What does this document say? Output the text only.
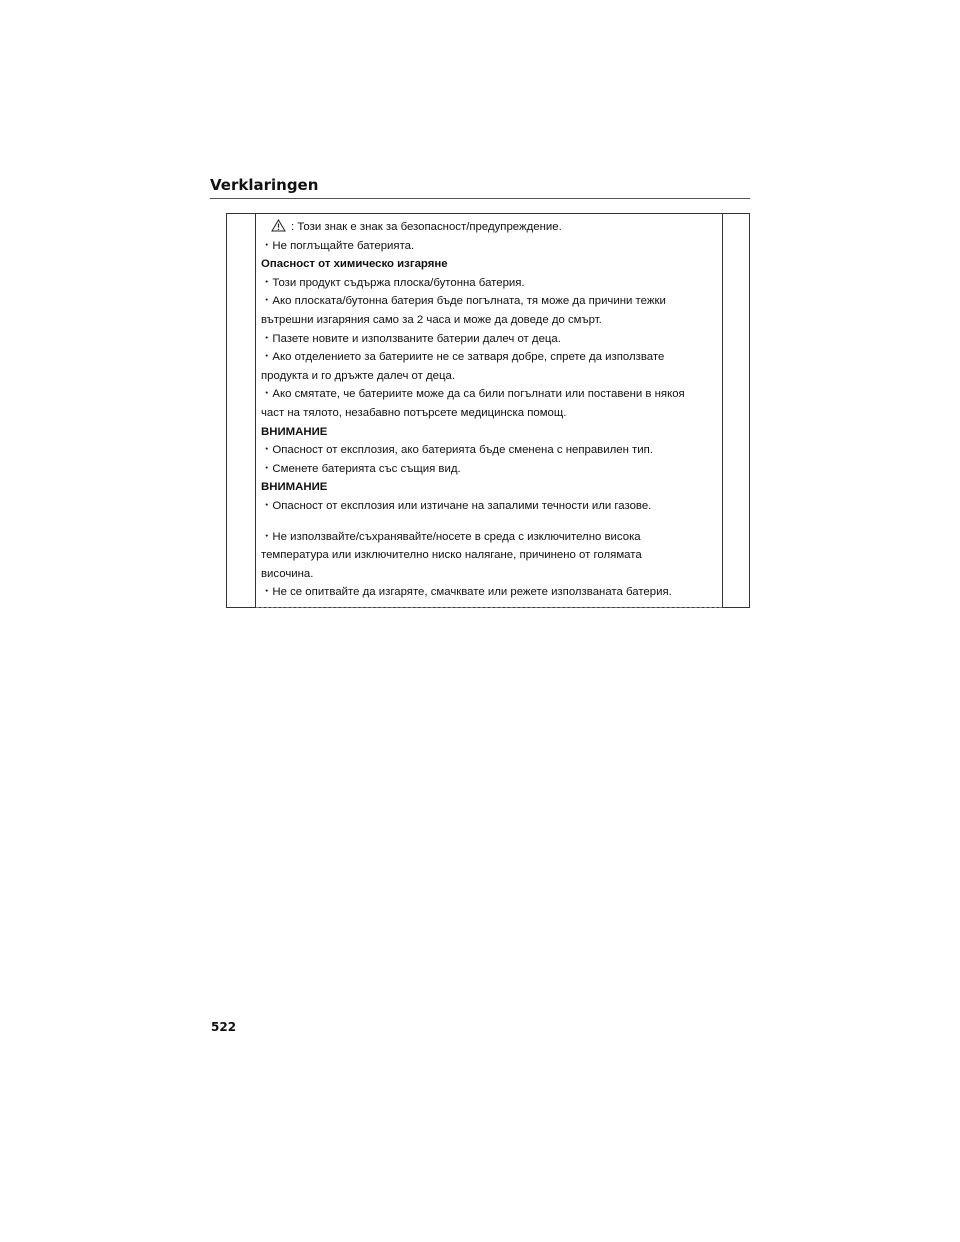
Verklaringen
: Този знак е знак за безопасност/предупреждение.
・Не поглъщайте батерията.
Опасност от химическо изгаряне
・Този продукт съдържа плоска/бутонна батерия.
・Ако плоската/бутонна батерия бъде погълната, тя може да причини тежки
вътрешни изгаряния само за 2 часа и може да доведе до смърт.
・Пазете новите и използваните батерии далеч от деца.
・Ако отделението за батериите не се затваря добре, спрете да използвате
продукта и го дръжте далеч от деца.
・Ако смятате, че батериите може да са били погълнати или поставени в някоя
част на тялото, незабавно потърсете медицинска помощ.
ВНИМАНИЕ
・Опасност от експлозия, ако батерията бъде сменена с неправилен тип.
・Сменете батерията със същия вид.
ВНИМАНИЕ
・Опасност от експлозия или изтичане на запалими течности или газове.
・Не използвайте/съхранявайте/носете в среда с изключително висока
температура или изключително ниско налягане, причинено от голямата
височина.
・Не се опитвайте да изгаряте, смачквате или режете използваната батерия.
522
